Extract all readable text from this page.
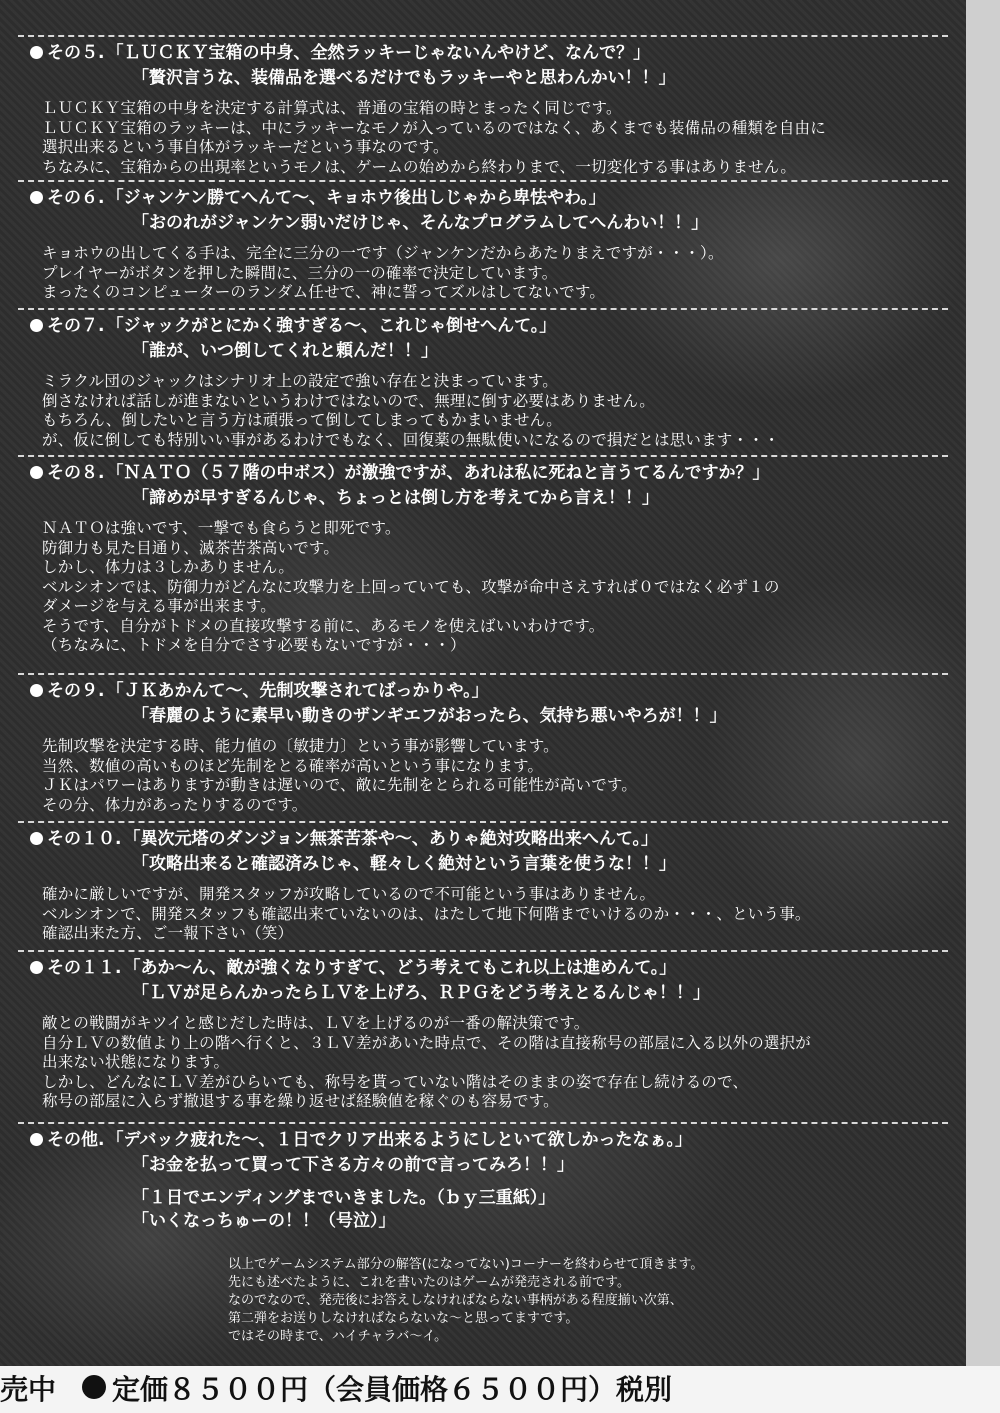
その５. 「ＬＵＣＫＹ宝箱の中身、全然ラッキーじゃないんやけど、なんで？」
「贅沢言うな、装備品を選べるだけでもラッキーやと思わんかい！！」
ＬＵＣＫＹ宝箱の中身を決定する計算式は、普通の宝箱の時とまったく同じです。
ＬＵＣＫＹ宝箱のラッキーは、中にラッキーなモノが入っているのではなく、あくまでも装備品の種類を自由に
選択出来るという事自体がラッキーだという事なのです。
ちなみに、宝箱からの出現率というモノは、ゲームの始めから終わりまで、一切変化する事はありません。
その６. 「ジャンケン勝てへんて～、キョホウ後出しじゃから卑怯やわ。」
「おのれがジャンケン弱いだけじゃ、そんなプログラムしてへんわい！！」
キョホウの出してくる手は、完全に三分の一です（ジャンケンだからあたりまえですが・・・）。
プレイヤーがボタンを押した瞬間に、三分の一の確率で決定しています。
まったくのコンピューターのランダム任せで、神に誓ってズルはしてないです。
その７. 「ジャックがとにかく強すぎる～、これじゃ倒せへんて。」
「誰が、いつ倒してくれと頼んだ！！」
ミラクル団のジャックはシナリオ上の設定で強い存在と決まっています。
倒さなければ話しが進まないというわけではないので、無理に倒す必要はありません。
もちろん、倒したいと言う方は頑張って倒してしまってもかまいません。
が、仮に倒しても特別いい事があるわけでもなく、回復薬の無駄使いになるので損だとは思います・・・
その８. 「ＮＡＴＯ（５７階の中ボス）が激強ですが、あれは私に死ねと言うてるんですか？」
「諦めが早すぎるんじゃ、ちょっとは倒し方を考えてから言え！！」
ＮＡＴＯは強いです、一撃でも食らうと即死です。
防御力も見た目通り、滅茶苦茶高いです。
しかし、体力は３しかありません。
ベルシオンでは、防御力がどんなに攻撃力を上回っていても、攻撃が命中さえすれば０ではなく必ず１の
ダメージを与える事が出来ます。
そうです、自分がトドメの直接攻撃する前に、あるモノを使えばいいわけです。
（ちなみに、トドメを自分でさす必要もないですが・・・）
その９. 「ＪＫあかんて～、先制攻撃されてばっかりや。」
「春麗のように素早い動きのザンギエフがおったら、気持ち悪いやろが！！」
先制攻撃を決定する時、能力値の〔敏捷力〕という事が影響しています。
当然、数値の高いものほど先制をとる確率が高いという事になります。
ＪＫはパワーはありますが動きは遅いので、敵に先制をとられる可能性が高いです。
その分、体力があったりするのです。
その１０. 「異次元塔のダンジョン無茶苦茶や～、ありゃ絶対攻略出来へんて。」
「攻略出来ると確認済みじゃ、軽々しく絶対という言葉を使うな！！」
確かに厳しいですが、開発スタッフが攻略しているので不可能という事はありません。
ベルシオンで、開発スタッフも確認出来ていないのは、はたして地下何階までいけるのか・・・、という事。
確認出来た方、ご一報下さい（笑）
その１１. 「あか～ん、敵が強くなりすぎて、どう考えてもこれ以上は進めんて。」
「ＬＶが足らんかったらＬＶを上げろ、ＲＰＧをどう考えとるんじゃ！！」
敵との戦闘がキツイと感じだした時は、ＬＶを上げるのが一番の解決策です。
自分ＬＶの数値より上の階へ行くと、３ＬＶ差があいた時点で、その階は直接称号の部屋に入る以外の選択が
出来ない状態になります。
しかし、どんなにＬＶ差がひらいても、称号を貰っていない階はそのままの姿で存在し続けるので、
称号の部屋に入らず撤退する事を繰り返せば経験値を稼ぐのも容易です。
その他. 「デバック疲れた～、１日でクリア出来るようにしといて欲しかったなぁ。」
「お金を払って買って下さる方々の前で言ってみろ！！」
「１日でエンディングまでいきました。（ｂｙ三重紙）」
「いくなっちゅーの！！（号泣）」
以上でゲームシステム部分の解答(になってない)コーナーを終わらせて頂きます。
先にも述べたように、これを書いたのはゲームが発売される前です。
なのでなので、発売後にお答えしなければならない事柄がある程度揃い次第、
第二弾をお送りしなければならないな～と思ってますです。
ではその時まで、ハイチャラバ～イ。
売中 定価８５００円（会員価格６５００円）税別
